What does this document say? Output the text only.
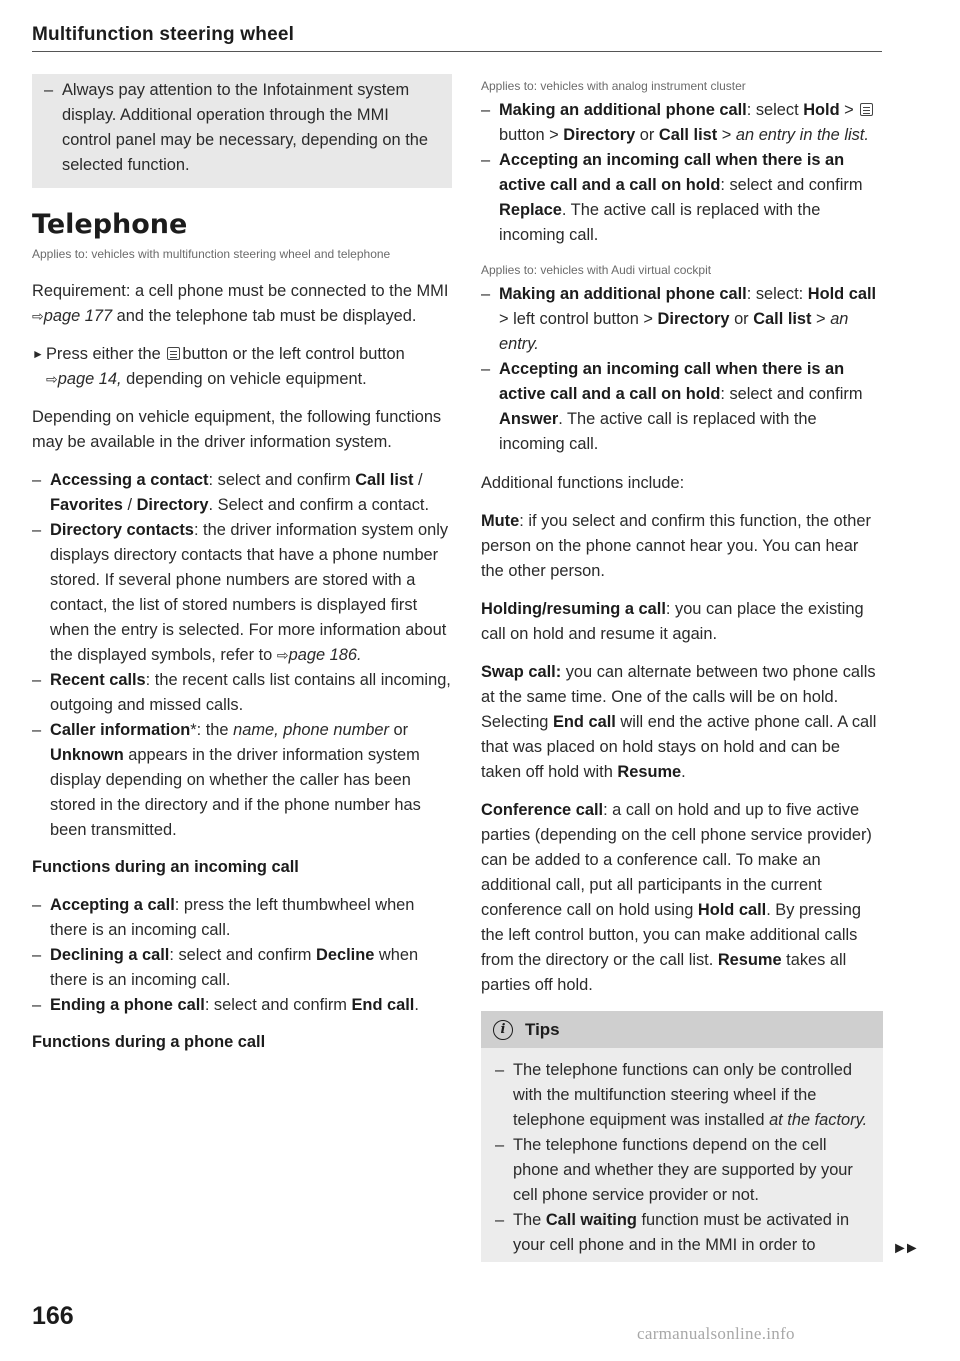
Multifunction steering wheel
– Always pay attention to the Infotainment system display. Additional operation through the MMI control panel may be necessary, depending on the selected function.
Telephone
Applies to: vehicles with multifunction steering wheel and telephone

Requirement: a cell phone must be connected to the MMI ⇨page 177 and the telephone tab must be displayed.

► Press either the button or the left control button ⇨page 14, depending on vehicle equipment.

Depending on vehicle equipment, the following functions may be available in the driver information system.

– Accessing a contact: select and confirm Call list / Favorites / Directory. Select and confirm a contact.
– Directory contacts: the driver information system only displays directory contacts that have a phone number stored. If several phone numbers are stored with a contact, the list of stored numbers is displayed first when the entry is selected. For more information about the displayed symbols, refer to ⇨page 186.
– Recent calls: the recent calls list contains all incoming, outgoing and missed calls.
– Caller information*: the name, phone number or Unknown appears in the driver information system display depending on whether the caller has been stored in the directory and if the phone number has been transmitted.
Functions during an incoming call
– Accepting a call: press the left thumbwheel when there is an incoming call.
– Declining a call: select and confirm Decline when there is an incoming call.
– Ending a phone call: select and confirm End call.
Functions during a phone call
Applies to: vehicles with analog instrument cluster
– Making an additional phone call: select Hold >  button > Directory or Call list > an entry in the list.
– Accepting an incoming call when there is an active call and a call on hold: select and confirm Replace. The active call is replaced with the incoming call.
Applies to: vehicles with Audi virtual cockpit
– Making an additional phone call: select: Hold call > left control button > Directory or Call list > an entry.
– Accepting an incoming call when there is an active call and a call on hold: select and confirm Answer. The active call is replaced with the incoming call.

Additional functions include:

Mute: if you select and confirm this function, the other person on the phone cannot hear you. You can hear the other person.

Holding/resuming a call: you can place the existing call on hold and resume it again.

Swap call: you can alternate between two phone calls at the same time. One of the calls will be on hold. Selecting End call will end the active phone call. A call that was placed on hold stays on hold and can be taken off hold with Resume.

Conference call: a call on hold and up to five active parties (depending on the cell phone service provider) can be added to a conference call. To make an additional call, put all participants in the current conference call on hold using Hold call. By pressing the left control button, you can make additional calls from the directory or the call list. Resume takes all parties off hold.

i	Tips
– The telephone functions can only be controlled with the multifunction steering wheel if the telephone equipment was installed at the factory.
– The telephone functions depend on the cell phone and whether they are supported by your cell phone service provider or not.
– The Call waiting function must be activated in your cell phone and in the MMI in order to	►►
166
carmanualsonline.info
